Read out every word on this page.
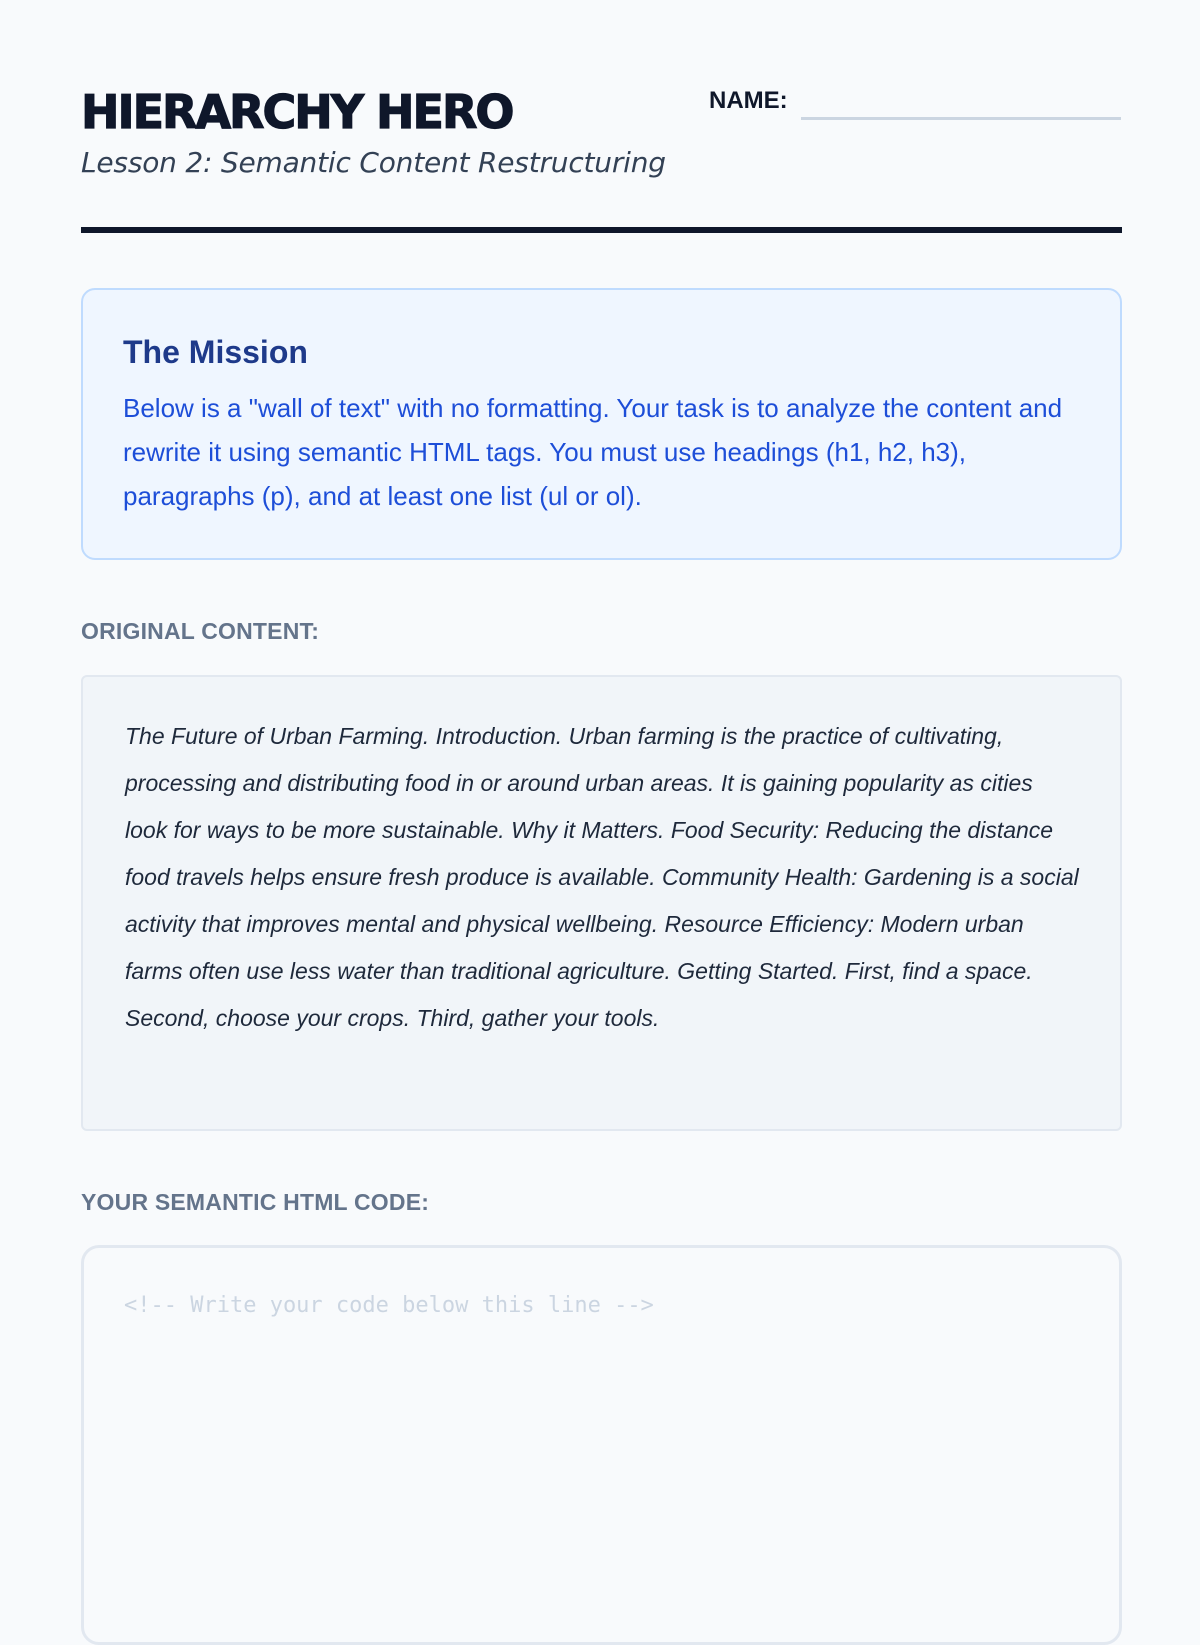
HIERARCHY HERO

Lesson 2: Semantic Content Restructuring

NAME:
The Mission

Below is a "wall of text" with no formatting. Your task is to analyze the content and rewrite it using semantic HTML tags. You must use headings (h1, h2, h3), paragraphs (p), and at least one list (ul or ol).

ORIGINAL CONTENT:

The Future of Urban Farming. Introduction. Urban farming is the practice of cultivating, processing and distributing food in or around urban areas. It is gaining popularity as cities look for ways to be more sustainable. Why it Matters. Food Security: Reducing the distance food travels helps ensure fresh produce is available. Community Health: Gardening is a social activity that improves mental and physical wellbeing. Resource Efficiency: Modern urban farms often use less water than traditional agriculture. Getting Started. First, find a space. Second, choose your crops. Third, gather your tools.

YOUR SEMANTIC HTML CODE:
<!-- Write your code below this line -->
